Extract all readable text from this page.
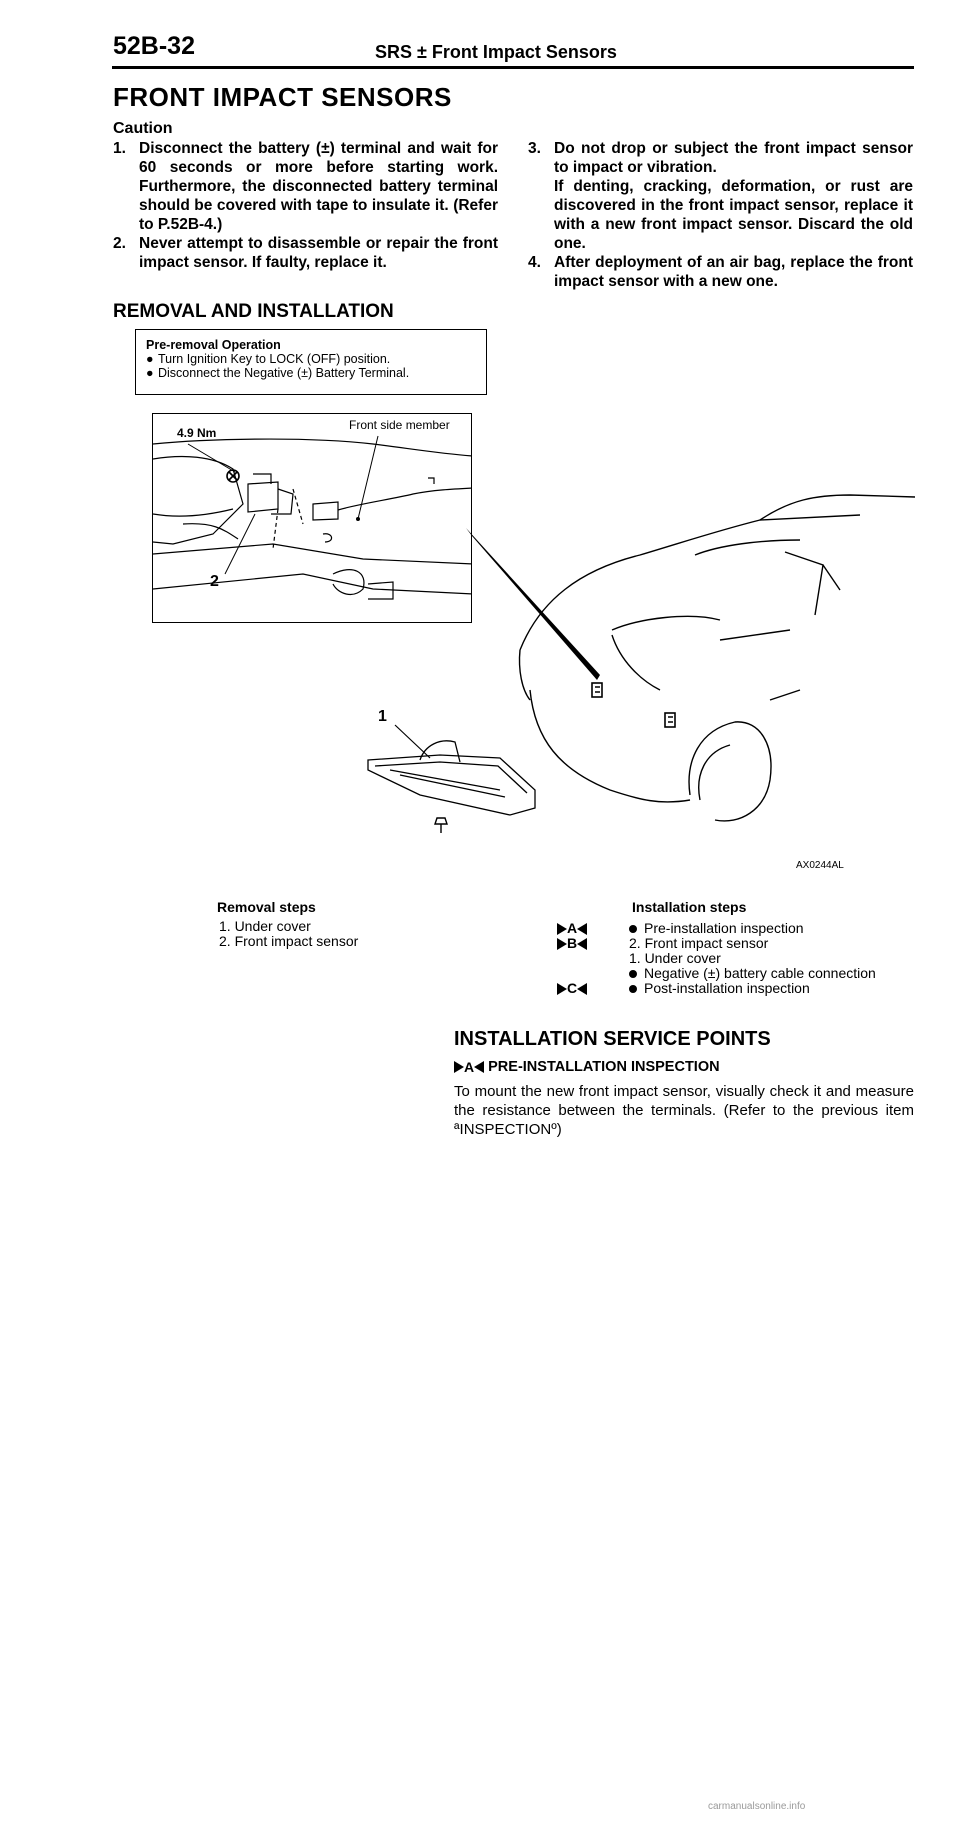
52B-32	SRS ± Front Impact Sensors
FRONT IMPACT SENSORS
Caution
1. Disconnect the battery (±) terminal and wait for 60 seconds or more before starting work. Furthermore, the disconnected battery terminal should be covered with tape to insulate it. (Refer to P.52B-4.)
2. Never attempt to disassemble or repair the front impact sensor. If faulty, replace it.
3. Do not drop or subject the front impact sensor to impact or vibration.
If denting, cracking, deformation, or rust are discovered in the front impact sensor, replace it with a new front impact sensor. Discard the old one.
4. After deployment of an air bag, replace the front impact sensor with a new one.
REMOVAL AND INSTALLATION
Pre-removal Operation
● Turn Ignition Key to LOCK (OFF) position.
● Disconnect the Negative (±) Battery Terminal.
1
AX0244AL
4.9 Nm
Front side member
2
Removal steps
1. Under cover
2. Front impact sensor
Installation steps
A	Pre-installation inspection
B	2. Front impact sensor
1. Under cover
Negative (±) battery cable connection
C	Post-installation inspection
INSTALLATION SERVICE POINTS
A PRE-INSTALLATION INSPECTION
To mount the new front impact sensor, visually check it and measure the resistance between the terminals. (Refer to the previous item ªINSPECTIONº)
carmanualsonline.info
